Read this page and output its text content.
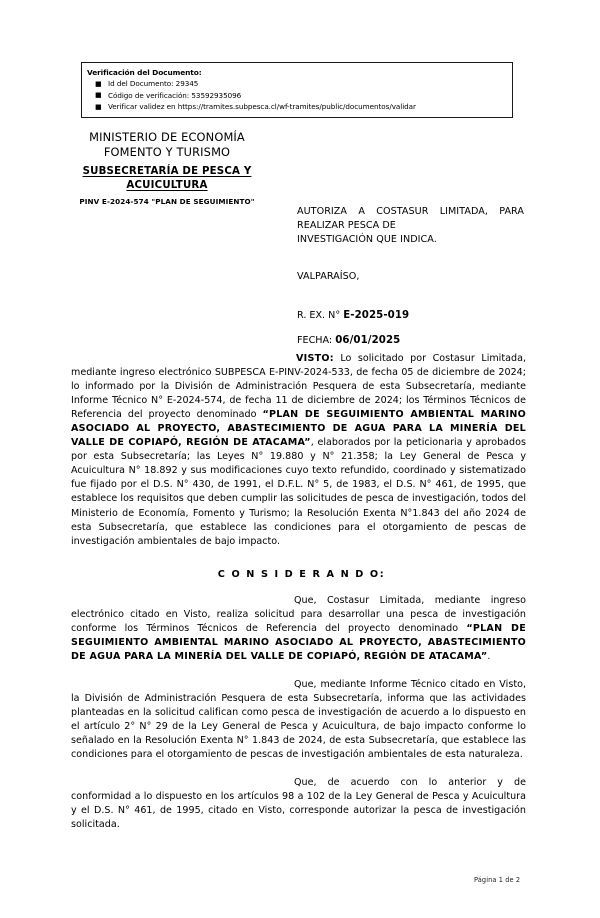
Verificación del Documento:
■ Id del Documento: 29345
■ Código de verificación: 53592935096
■ Verificar validez en https://tramites.subpesca.cl/wf-tramites/public/documentos/validar
MINISTERIO DE ECONOMÍA
FOMENTO Y TURISMO
SUBSECRETARÍA DE PESCA Y ACUICULTURA
PINV E-2024-574 "PLAN DE SEGUIMIENTO"
AUTORIZA A COSTASUR LIMITADA, PARA REALIZAR PESCA DE
INVESTIGACIÓN QUE INDICA.
VALPARAÍSO,
R. EX. N° E-2025-019
FECHA: 06/01/2025

VISTO: Lo solicitado por Costasur Limitada, mediante ingreso electrónico SUBPESCA E-PINV-2024-533, de fecha 05 de diciembre de 2024; lo informado por la División de Administración Pesquera de esta Subsecretaría, mediante Informe Técnico N° E-2024-574, de fecha 11 de diciembre de 2024; los Términos Técnicos de Referencia del proyecto denominado “PLAN DE SEGUIMIENTO AMBIENTAL MARINO ASOCIADO AL PROYECTO, ABASTECIMIENTO DE AGUA PARA LA MINERÍA DEL VALLE DE COPIAPÓ, REGIÓN DE ATACAMA”, elaborados por la peticionaria y aprobados por esta Subsecretaría; las Leyes N° 19.880 y N° 21.358; la Ley General de Pesca y Acuicultura N° 18.892 y sus modificaciones cuyo texto refundido, coordinado y sistematizado fue fijado por el D.S. N° 430, de 1991, el D.F.L. N° 5, de 1983, el D.S. N° 461, de 1995, que establece los requisitos que deben cumplir las solicitudes de pesca de investigación, todos del Ministerio de Economía, Fomento y Turismo; la Resolución Exenta N°1.843 del año 2024 de esta Subsecretaría, que establece las condiciones para el otorgamiento de pescas de investigación ambientales de bajo impacto.

C O N S I D E R A N D O:

Que, Costasur Limitada, mediante ingreso electrónico citado en Visto, realiza solicitud para desarrollar una pesca de investigación conforme los Términos Técnicos de Referencia del proyecto denominado “PLAN DE SEGUIMIENTO AMBIENTAL MARINO ASOCIADO AL PROYECTO, ABASTECIMIENTO DE AGUA PARA LA MINERÍA DEL VALLE DE COPIAPÓ, REGIÓN DE ATACAMA”.

Que, mediante Informe Técnico citado en Visto, la División de Administración Pesquera de esta Subsecretaría, informa que las actividades planteadas en la solicitud califican como pesca de investigación de acuerdo a lo dispuesto en el artículo 2° N° 29 de la Ley General de Pesca y Acuicultura, de bajo impacto conforme lo señalado en la Resolución Exenta N° 1.843 de 2024, de esta Subsecretaría, que establece las condiciones para el otorgamiento de pescas de investigación ambientales de esta naturaleza.

Que, de acuerdo con lo anterior y de conformidad a lo dispuesto en los artículos 98 a 102 de la Ley General de Pesca y Acuicultura y el D.S. N° 461, de 1995, citado en Visto, corresponde autorizar la pesca de investigación solicitada.

Página 1 de 2
